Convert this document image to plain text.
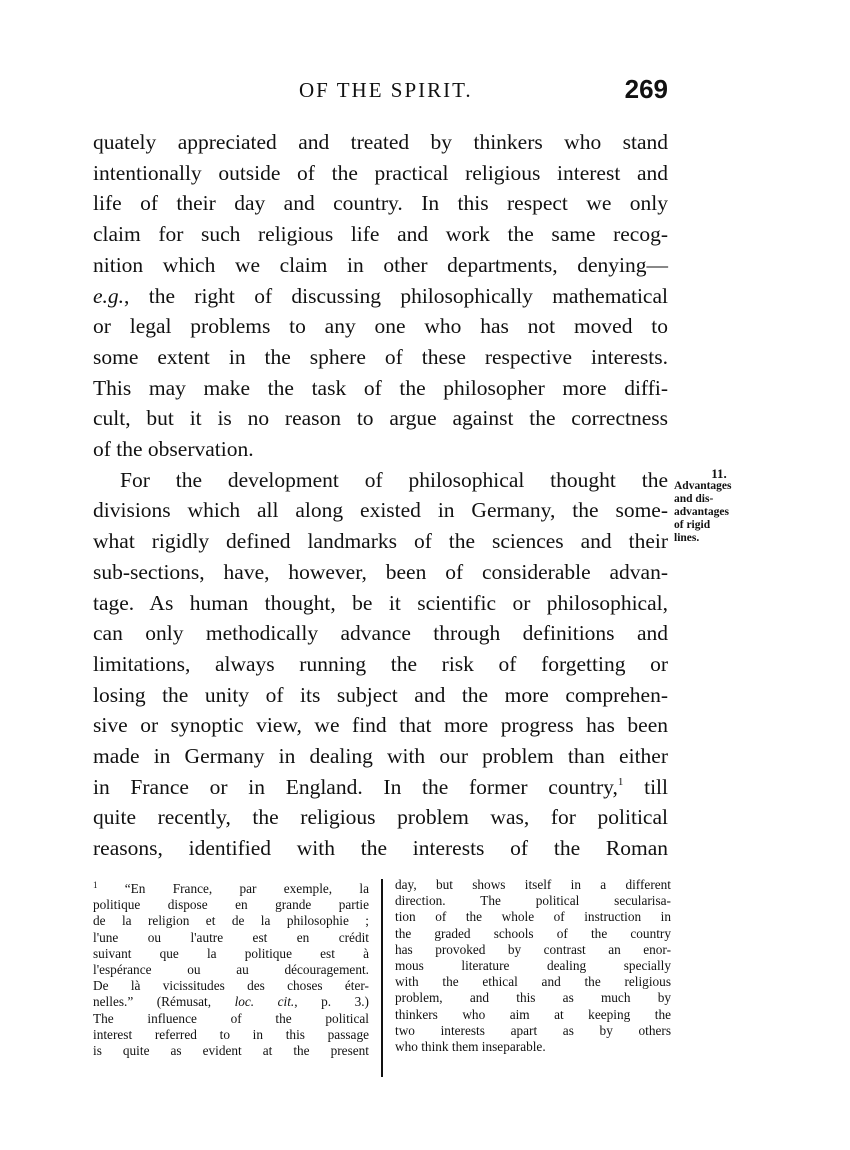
OF THE SPIRIT.	269
quately appreciated and treated by thinkers who stand
intentionally outside of the practical religious interest and
life of their day and country. In this respect we only
claim for such religious life and work the same recog-
nition which we claim in other departments, denying—
e.g., the right of discussing philosophically mathematical
or legal problems to any one who has not moved to
some extent in the sphere of these respective interests.
This may make the task of the philosopher more diffi-
cult, but it is no reason to argue against the correctness
of the observation.
For the development of philosophical thought the
divisions which all along existed in Germany, the some-
what rigidly defined landmarks of the sciences and their
sub-sections, have, however, been of considerable advan-
tage. As human thought, be it scientific or philosophical,
can only methodically advance through definitions and
limitations, always running the risk of forgetting or
losing the unity of its subject and the more comprehen-
sive or synoptic view, we find that more progress has been
made in Germany in dealing with our problem than either
in France or in England. In the former country,$^1$ till
quite recently, the religious problem was, for political
reasons, identified with the interests of the Roman
11.
Advantages
and dis-
advantages
of rigid
lines.
$^1$ “En France, par exemple, la
politique dispose en grande partie
de la religion et de la philosophie ;
l'une ou l'autre est en crédit
suivant que la politique est à
l'espérance ou au découragement.
De là vicissitudes des choses éter-
nelles.” (Rémusat, loc. cit., p. 3.)
The influence of the political
interest referred to in this passage
is quite as evident at the present
day, but shows itself in a different
direction. The political secularisa-
tion of the whole of instruction in
the graded schools of the country
has provoked by contrast an enor-
mous literature dealing specially
with the ethical and the religious
problem, and this as much by
thinkers who aim at keeping the
two interests apart as by others
who think them inseparable.
